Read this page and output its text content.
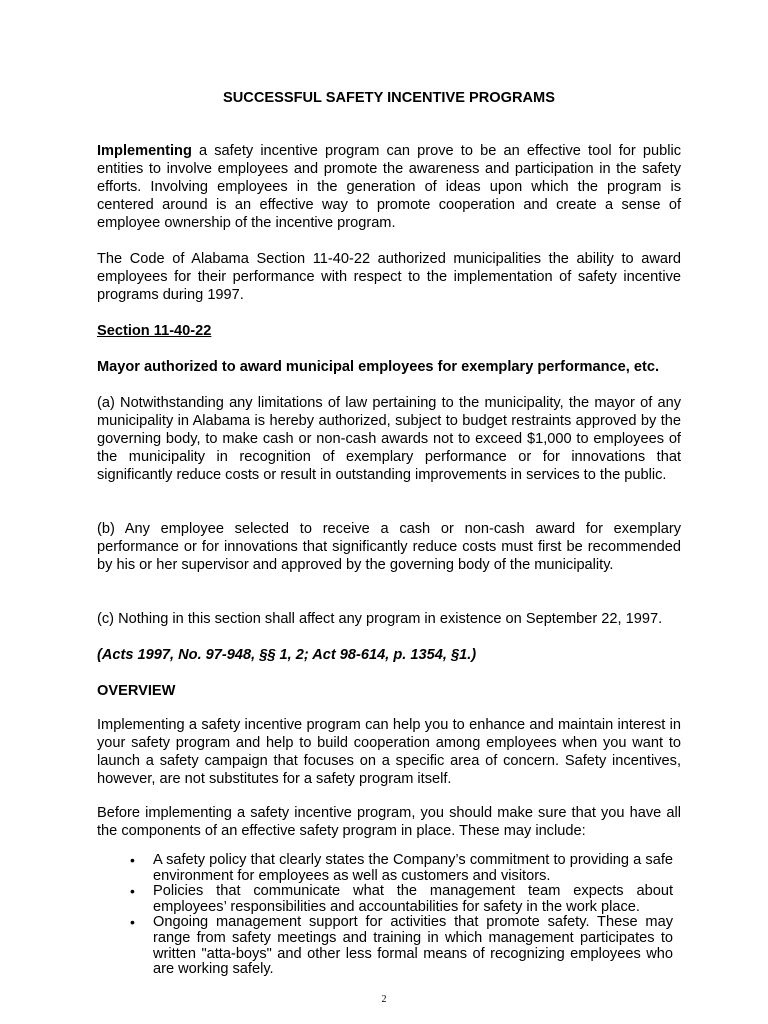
SUCCESSFUL SAFETY INCENTIVE PROGRAMS

Implementing a safety incentive program can prove to be an effective tool for public entities to involve employees and promote the awareness and participation in the safety efforts. Involving employees in the generation of ideas upon which the program is centered around is an effective way to promote cooperation and create a sense of employee ownership of the incentive program.

The Code of Alabama Section 11-40-22 authorized municipalities the ability to award employees for their performance with respect to the implementation of safety incentive programs during 1997.

Section 11-40-22
Mayor authorized to award municipal employees for exemplary performance, etc.

(a) Notwithstanding any limitations of law pertaining to the municipality, the mayor of any municipality in Alabama is hereby authorized, subject to budget restraints approved by the governing body, to make cash or non-cash awards not to exceed $1,000 to employees of the municipality in recognition of exemplary performance or for innovations that significantly reduce costs or result in outstanding improvements in services to the public.

(b) Any employee selected to receive a cash or non-cash award for exemplary performance or for innovations that significantly reduce costs must first be recommended by his or her supervisor and approved by the governing body of the municipality.

(c) Nothing in this section shall affect any program in existence on September 22, 1997.

(Acts 1997, No. 97-948, §§ 1, 2; Act 98-614, p. 1354, §1.)
OVERVIEW

Implementing a safety incentive program can help you to enhance and maintain interest in your safety program and help to build cooperation among employees when you want to launch a safety campaign that focuses on a specific area of concern. Safety incentives, however, are not substitutes for a safety program itself.

Before implementing a safety incentive program, you should make sure that you have all the components of an effective safety program in place. These may include:

• A safety policy that clearly states the Company’s commitment to providing a safe environment for employees as well as customers and visitors.
• Policies that communicate what the management team expects about employees’ responsibilities and accountabilities for safety in the work place.
• Ongoing management support for activities that promote safety. These may range from safety meetings and training in which management participates to written "atta-boys" and other less formal means of recognizing employees who are working safely.
2
